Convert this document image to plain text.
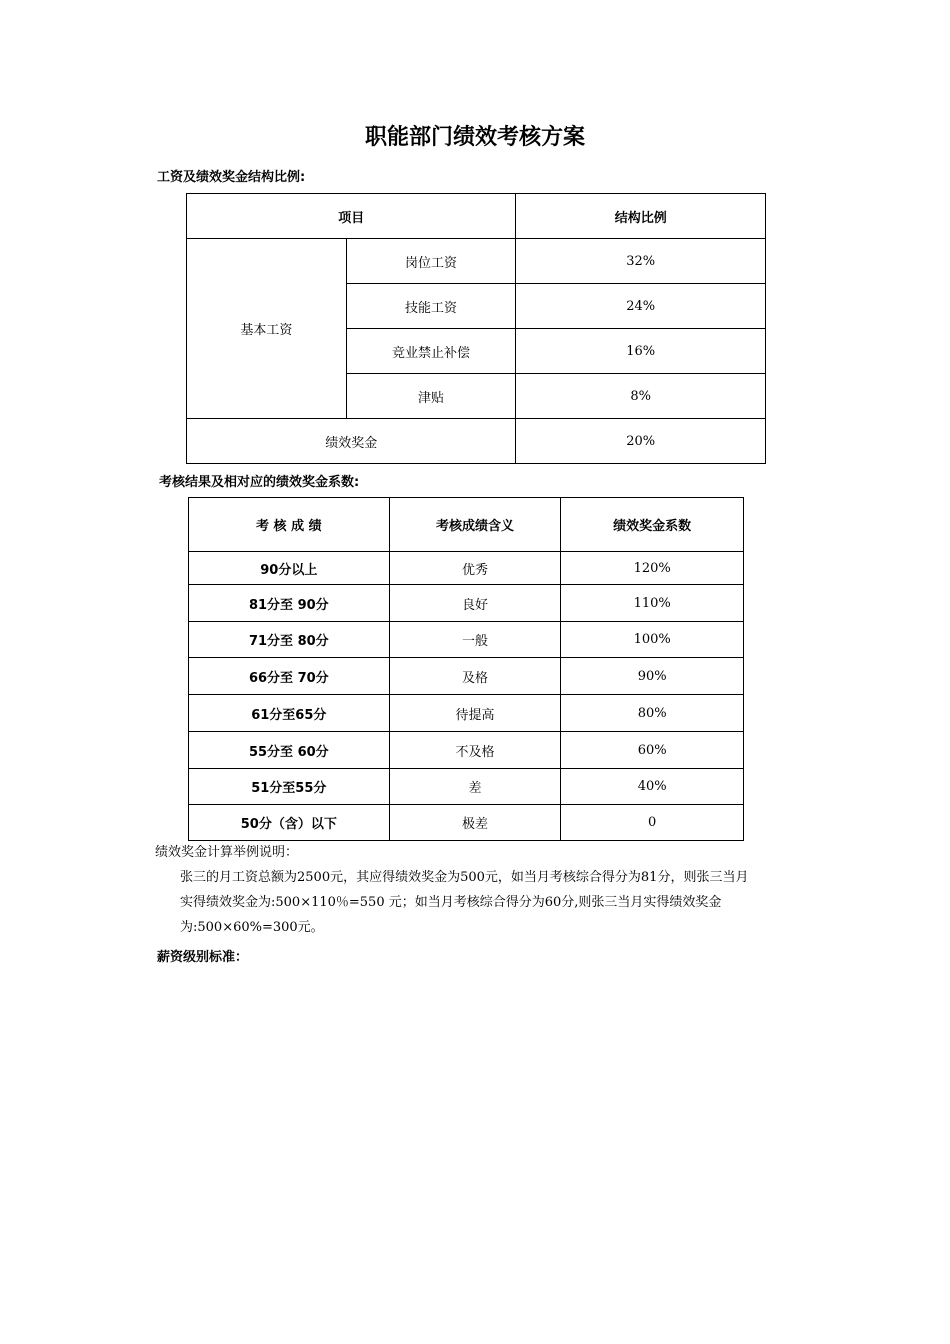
职能部门绩效考核方案
工资及绩效奖金结构比例:
项目		结构比例
基本工资	岗位工资	32%
	技能工资	24%
	竞业禁止补偿	16%
	津贴	8%
绩效奖金		20%
考核结果及相对应的绩效奖金系数:
考 核 成 绩	考核成绩含义	绩效奖金系数
90分以上	优秀	120%
81分至 90分	良好	110%
71分至 80分	一般	100%
66分至 70分	及格	90%
61分至65分	待提高	80%
55分至 60分	不及格	60%
51分至55分	差	40%
50分（含）以下	极差	0
绩效奖金计算举例说明：
张三的月工资总额为2500元，其应得绩效奖金为500元，如当月考核综合得分为81分，则张三当月
实得绩效奖金为:500×110％=550 元；如当月考核综合得分为60分,则张三当月实得绩效奖金
为:500×60%=300元。
薪资级别标准：
